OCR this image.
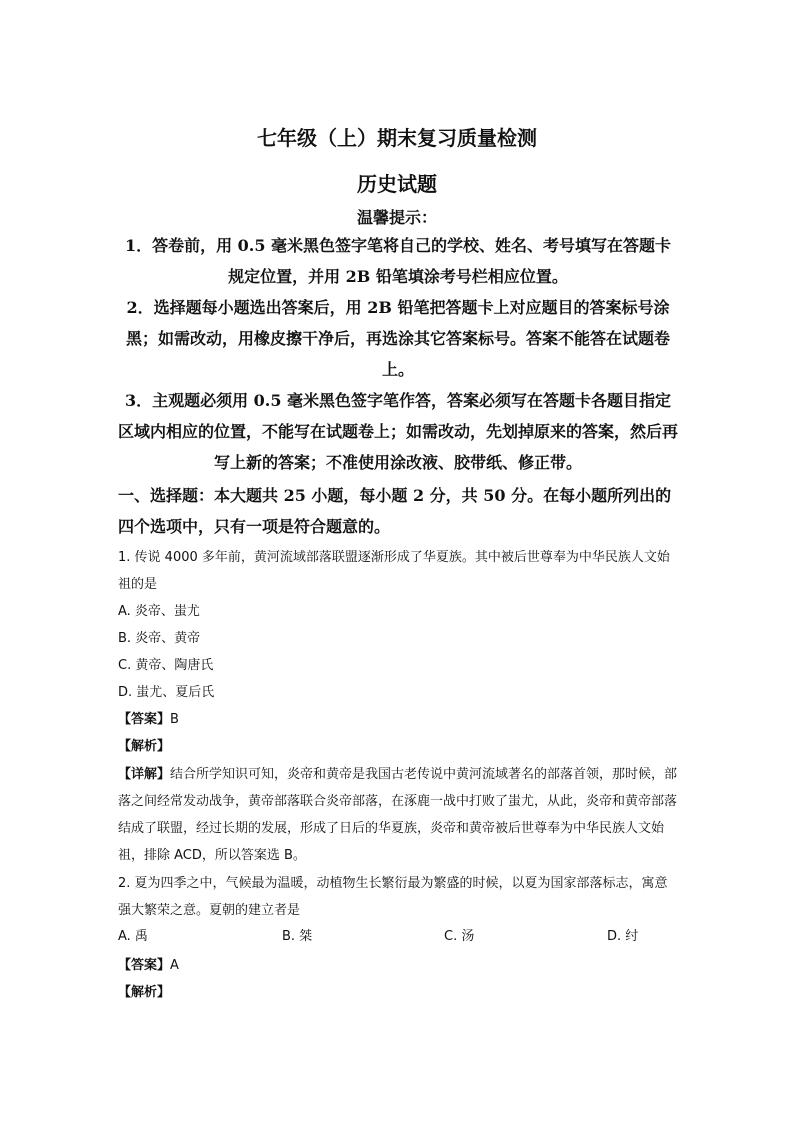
七年级（上）期末复习质量检测
历史试题
温馨提示：
1．答卷前，用 0.5 毫米黑色签字笔将自己的学校、姓名、考号填写在答题卡规定位置，并用 2B 铅笔填涂考号栏相应位置。
2．选择题每小题选出答案后，用 2B 铅笔把答题卡上对应题目的答案标号涂黑；如需改动，用橡皮擦干净后，再选涂其它答案标号。答案不能答在试题卷上。
3．主观题必须用 0.5 毫米黑色签字笔作答，答案必须写在答题卡各题目指定区域内相应的位置，不能写在试题卷上；如需改动，先划掉原来的答案，然后再写上新的答案；不准使用涂改液、胶带纸、修正带。
一、选择题：本大题共 25 小题，每小题 2 分，共 50 分。在每小题所列出的四个选项中，只有一项是符合题意的。
1. 传说 4000 多年前，黄河流域部落联盟逐渐形成了华夏族。其中被后世尊奉为中华民族人文始祖的是
A. 炎帝、蚩尤
B. 炎帝、黄帝
C. 黄帝、陶唐氏
D. 蚩尤、夏后氏
【答案】B
【解析】
【详解】结合所学知识可知，炎帝和黄帝是我国古老传说中黄河流域著名的部落首领，那时候，部落之间经常发动战争，黄帝部落联合炎帝部落，在涿鹿一战中打败了蚩尤，从此，炎帝和黄帝部落结成了联盟，经过长期的发展，形成了日后的华夏族，炎帝和黄帝被后世尊奉为中华民族人文始祖，排除 ACD，所以答案选 B。
2. 夏为四季之中，气候最为温暖，动植物生长繁衍最为繁盛的时候，以夏为国家部落标志，寓意强大繁荣之意。夏朝的建立者是
A. 禹	B. 桀	C. 汤	D. 纣
【答案】A
【解析】
